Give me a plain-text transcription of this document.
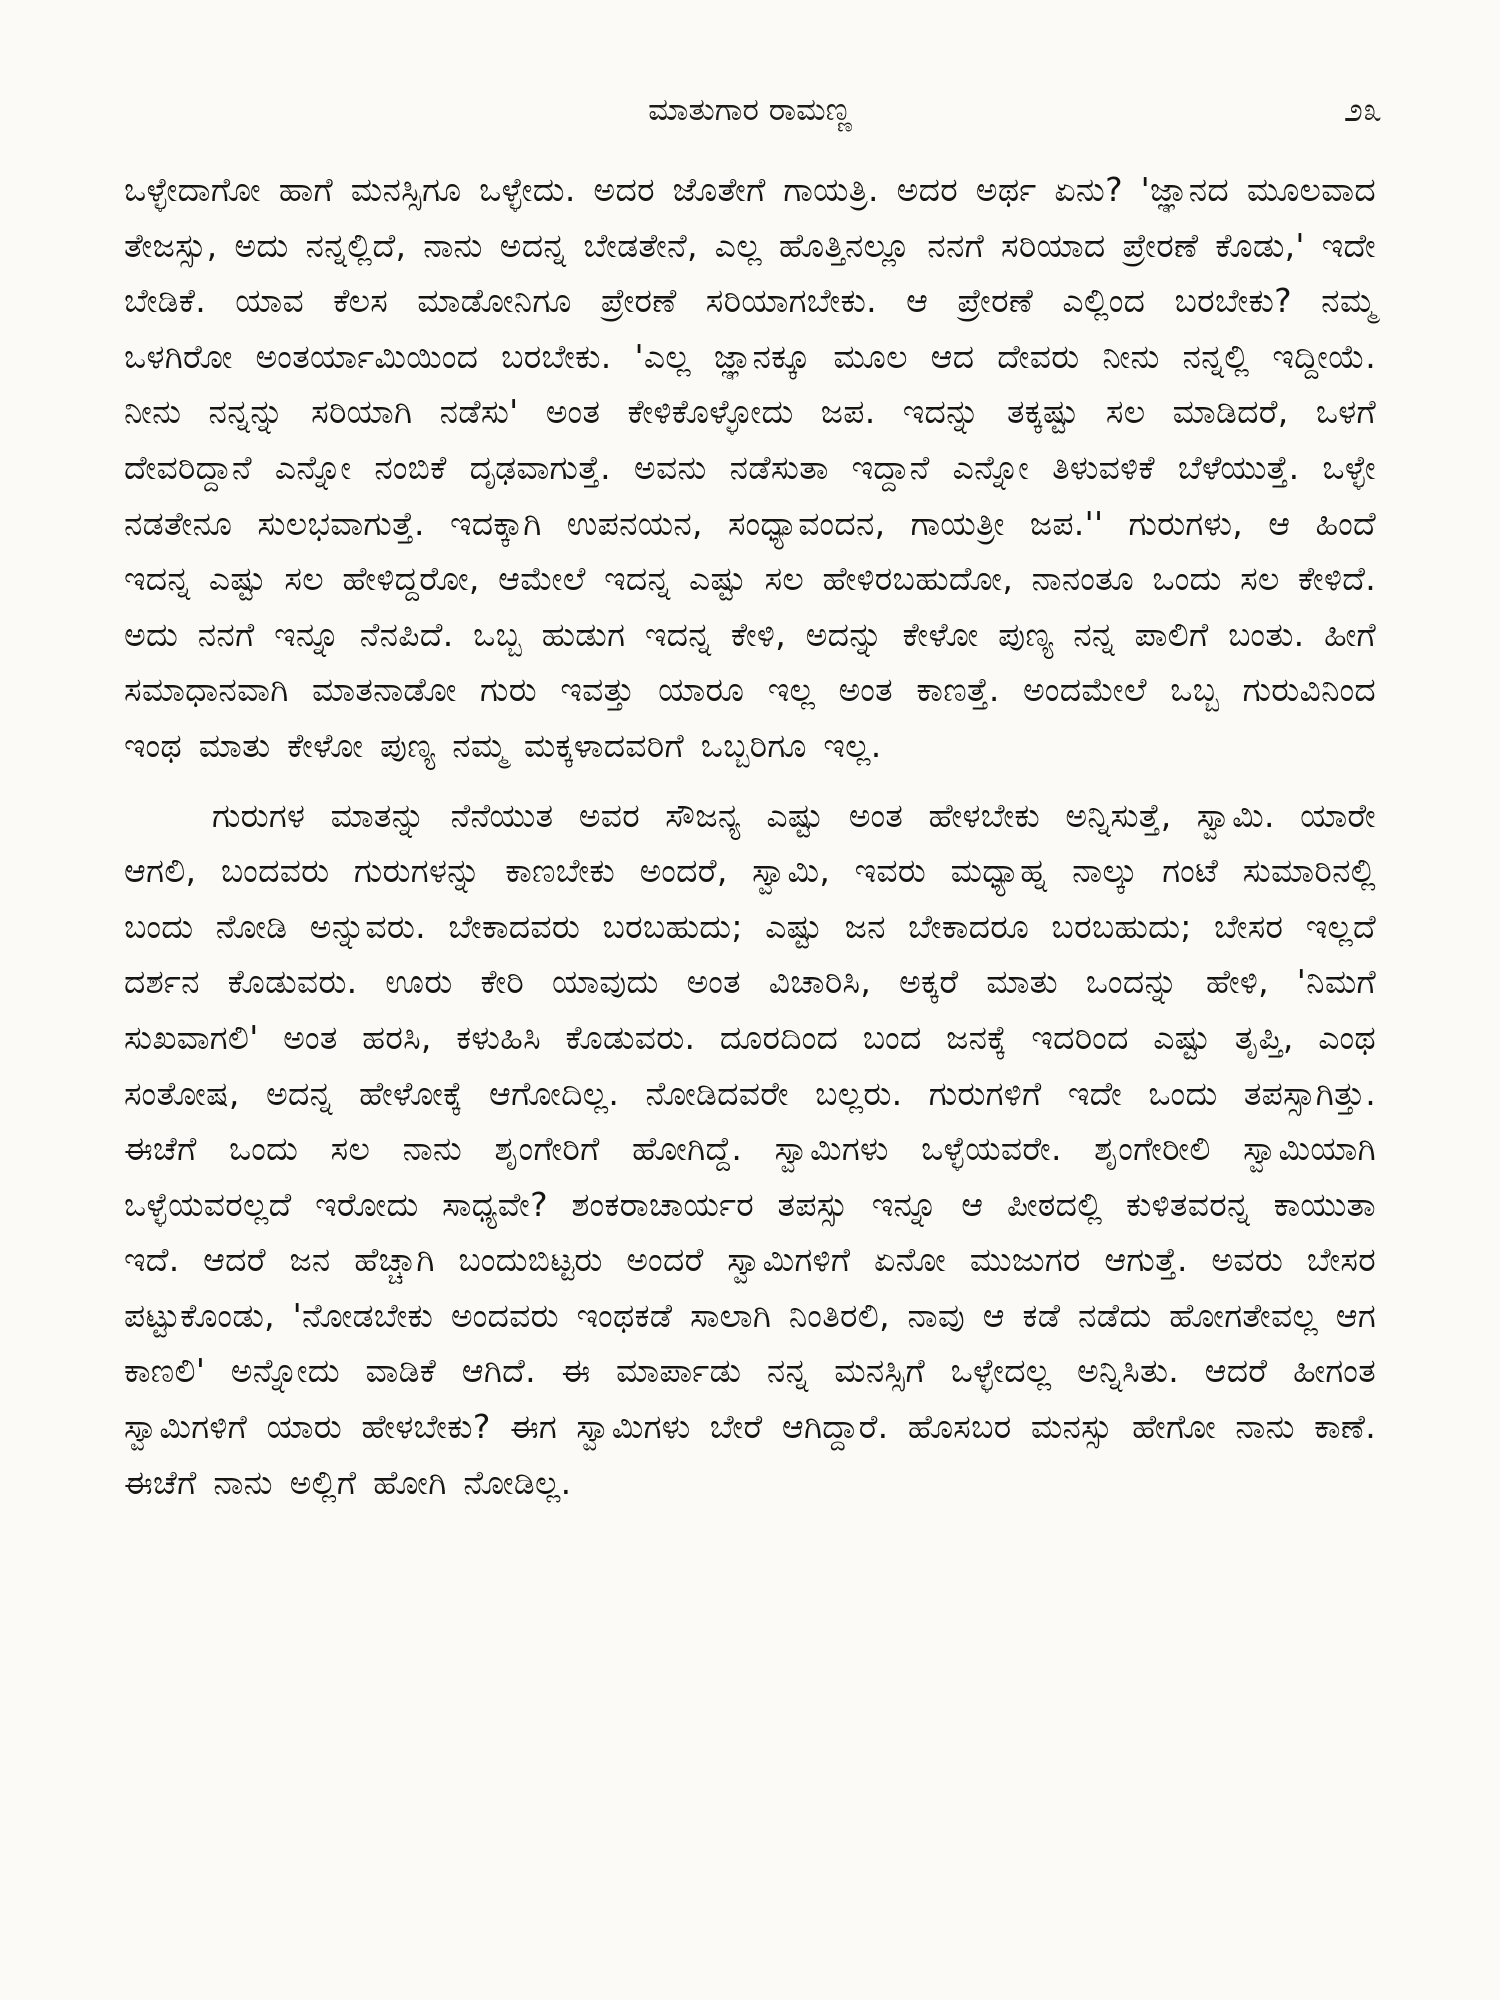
ಮಾತುಗಾರ ರಾಮಣ್ಣ	೨೩

ಒಳ್ಳೇದಾಗೋ ಹಾಗೆ ಮನಸ್ಸಿಗೂ ಒಳ್ಳೇದು. ಅದರ ಜೊತೇಗೆ ಗಾಯತ್ರಿ. ಅದರ ಅರ್ಥ ಏನು? 'ಜ್ಞಾನದ ಮೂಲವಾದ ತೇಜಸ್ಸು, ಅದು ನನ್ನಲ್ಲಿದೆ, ನಾನು ಅದನ್ನ ಬೇಡತೇನೆ, ಎಲ್ಲ ಹೊತ್ತಿನಲ್ಲೂ ನನಗೆ ಸರಿಯಾದ ಪ್ರೇರಣೆ ಕೊಡು,' ಇದೇ ಬೇಡಿಕೆ. ಯಾವ ಕೆಲಸ ಮಾಡೋನಿಗೂ ಪ್ರೇರಣೆ ಸರಿಯಾಗಬೇಕು. ಆ ಪ್ರೇರಣೆ ಎಲ್ಲಿಂದ ಬರಬೇಕು? ನಮ್ಮ ಒಳಗಿರೋ ಅಂತರ್ಯಾಮಿಯಿಂದ ಬರಬೇಕು. 'ಎಲ್ಲ ಜ್ಞಾನಕ್ಕೂ ಮೂಲ ಆದ ದೇವರು ನೀನು ನನ್ನಲ್ಲಿ ಇದ್ದೀಯೆ. ನೀನು ನನ್ನನ್ನು ಸರಿಯಾಗಿ ನಡೆಸು' ಅಂತ ಕೇಳಿಕೊಳ್ಳೋದು ಜಪ. ಇದನ್ನು ತಕ್ಕಷ್ಟು ಸಲ ಮಾಡಿದರೆ, ಒಳಗೆ ದೇವರಿದ್ದಾನೆ ಎನ್ನೋ ನಂಬಿಕೆ ದೃಢವಾಗುತ್ತೆ. ಅವನು ನಡೆಸುತಾ ಇದ್ದಾನೆ ಎನ್ನೋ ತಿಳುವಳಿಕೆ ಬೆಳೆಯುತ್ತೆ. ಒಳ್ಳೇ ನಡತೇನೂ ಸುಲಭವಾಗುತ್ತೆ. ಇದಕ್ಕಾಗಿ ಉಪನಯನ, ಸಂಧ್ಯಾವಂದನ, ಗಾಯತ್ರೀ ಜಪ.'' ಗುರುಗಳು, ಆ ಹಿಂದೆ ಇದನ್ನ ಎಷ್ಟು ಸಲ ಹೇಳಿದ್ದರೋ, ಆಮೇಲೆ ಇದನ್ನ ಎಷ್ಟು ಸಲ ಹೇಳಿರಬಹುದೋ, ನಾನಂತೂ ಒಂದು ಸಲ ಕೇಳಿದೆ. ಅದು ನನಗೆ ಇನ್ನೂ ನೆನಪಿದೆ. ಒಬ್ಬ ಹುಡುಗ ಇದನ್ನ ಕೇಳಿ, ಅದನ್ನು ಕೇಳೋ ಪುಣ್ಯ ನನ್ನ ಪಾಲಿಗೆ ಬಂತು. ಹೀಗೆ ಸಮಾಧಾನವಾಗಿ ಮಾತನಾಡೋ ಗುರು ಇವತ್ತು ಯಾರೂ ಇಲ್ಲ ಅಂತ ಕಾಣತ್ತೆ. ಅಂದಮೇಲೆ ಒಬ್ಬ ಗುರುವಿನಿಂದ ಇಂಥ ಮಾತು ಕೇಳೋ ಪುಣ್ಯ ನಮ್ಮ ಮಕ್ಕಳಾದವರಿಗೆ ಒಬ್ಬರಿಗೂ ಇಲ್ಲ.

ಗುರುಗಳ ಮಾತನ್ನು ನೆನೆಯುತ ಅವರ ಸೌಜನ್ಯ ಎಷ್ಟು ಅಂತ ಹೇಳಬೇಕು ಅನ್ನಿಸುತ್ತೆ, ಸ್ವಾಮಿ. ಯಾರೇ ಆಗಲಿ, ಬಂದವರು ಗುರುಗಳನ್ನು ಕಾಣಬೇಕು ಅಂದರೆ, ಸ್ವಾಮಿ, ಇವರು ಮಧ್ಯಾಹ್ನ ನಾಲ್ಕು ಗಂಟೆ ಸುಮಾರಿನಲ್ಲಿ ಬಂದು ನೋಡಿ ಅನ್ನುವರು. ಬೇಕಾದವರು ಬರಬಹುದು; ಎಷ್ಟು ಜನ ಬೇಕಾದರೂ ಬರಬಹುದು; ಬೇಸರ ಇಲ್ಲದೆ ದರ್ಶನ ಕೊಡುವರು. ಊರು ಕೇರಿ ಯಾವುದು ಅಂತ ವಿಚಾರಿಸಿ, ಅಕ್ಕರೆ ಮಾತು ಒಂದನ್ನು ಹೇಳಿ, 'ನಿಮಗೆ ಸುಖವಾಗಲಿ' ಅಂತ ಹರಸಿ, ಕಳುಹಿಸಿ ಕೊಡುವರು. ದೂರದಿಂದ ಬಂದ ಜನಕ್ಕೆ ಇದರಿಂದ ಎಷ್ಟು ತೃಪ್ತಿ, ಎಂಥ ಸಂತೋಷ, ಅದನ್ನ ಹೇಳೋಕ್ಕೆ ಆಗೋದಿಲ್ಲ. ನೋಡಿದವರೇ ಬಲ್ಲರು. ಗುರುಗಳಿಗೆ ಇದೇ ಒಂದು ತಪಸ್ಸಾಗಿತ್ತು. ಈಚೆಗೆ ಒಂದು ಸಲ ನಾನು ಶೃಂಗೇರಿಗೆ ಹೋಗಿದ್ದೆ. ಸ್ವಾಮಿಗಳು ಒಳ್ಳೆಯವರೇ. ಶೃಂಗೇರೀಲಿ ಸ್ವಾಮಿಯಾಗಿ ಒಳ್ಳೆಯವರಲ್ಲದೆ ಇರೋದು ಸಾಧ್ಯವೇ? ಶಂಕರಾಚಾರ್ಯರ ತಪಸ್ಸು ಇನ್ನೂ ಆ ಪೀಠದಲ್ಲಿ ಕುಳಿತವರನ್ನ ಕಾಯುತಾ ಇದೆ. ಆದರೆ ಜನ ಹೆಚ್ಚಾಗಿ ಬಂದುಬಿಟ್ಟರು ಅಂದರೆ ಸ್ವಾಮಿಗಳಿಗೆ ಏನೋ ಮುಜುಗರ ಆಗುತ್ತೆ. ಅವರು ಬೇಸರ ಪಟ್ಟುಕೊಂಡು, 'ನೋಡಬೇಕು ಅಂದವರು ಇಂಥಕಡೆ ಸಾಲಾಗಿ ನಿಂತಿರಲಿ, ನಾವು ಆ ಕಡೆ ನಡೆದು ಹೋಗತೇವಲ್ಲ ಆಗ ಕಾಣಲಿ' ಅನ್ನೋದು ವಾಡಿಕೆ ಆಗಿದೆ. ಈ ಮಾರ್ಪಾಡು ನನ್ನ ಮನಸ್ಸಿಗೆ ಒಳ್ಳೇದಲ್ಲ ಅನ್ನಿಸಿತು. ಆದರೆ ಹೀಗಂತ ಸ್ವಾಮಿಗಳಿಗೆ ಯಾರು ಹೇಳಬೇಕು? ಈಗ ಸ್ವಾಮಿಗಳು ಬೇರೆ ಆಗಿದ್ದಾರೆ. ಹೊಸಬರ ಮನಸ್ಸು ಹೇಗೋ ನಾನು ಕಾಣೆ. ಈಚೆಗೆ ನಾನು ಅಲ್ಲಿಗೆ ಹೋಗಿ ನೋಡಿಲ್ಲ.
